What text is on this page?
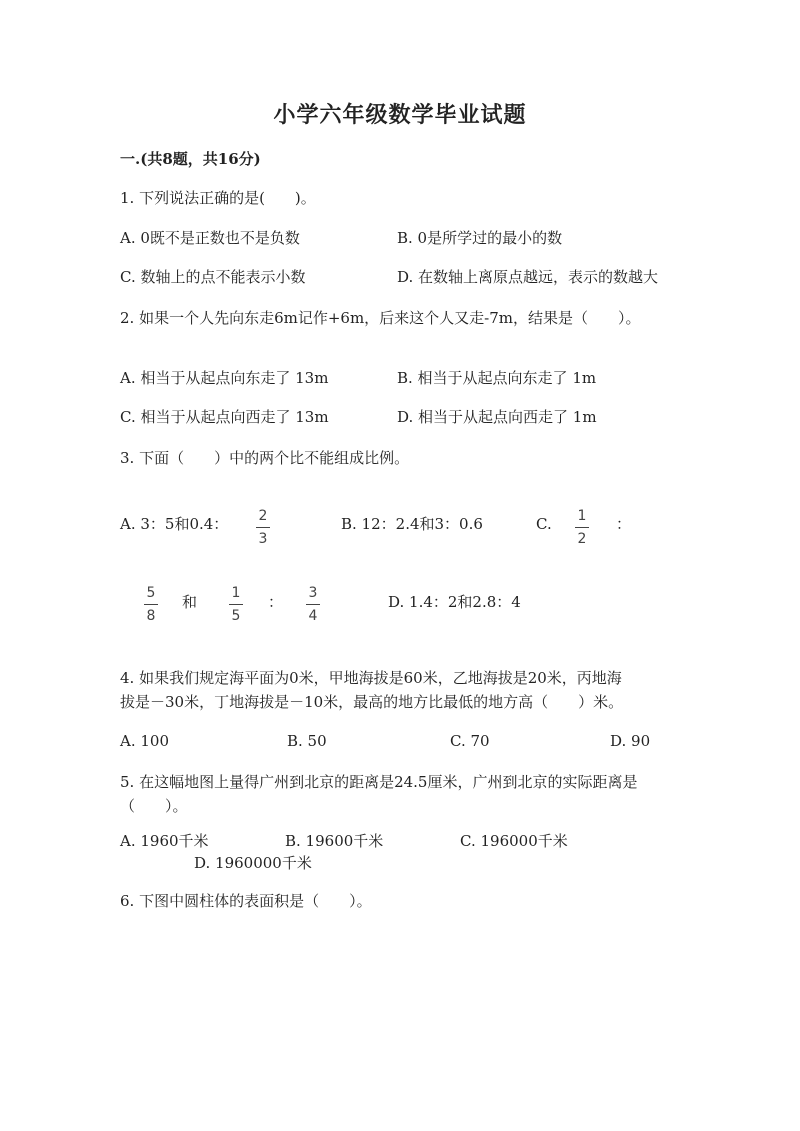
小学六年级数学毕业试题
一.(共8题，共16分)
1. 下列说法正确的是(　　)。
A. 0既不是正数也不是负数	B. 0是所学过的最小的数
C. 数轴上的点不能表示小数	D. 在数轴上离原点越远，表示的数越大
2. 如果一个人先向东走6m记作+6m，后来这个人又走-7m，结果是（　　）。
A. 相当于从起点向东走了 13m	B. 相当于从起点向东走了 1m
C. 相当于从起点向西走了 13m	D. 相当于从起点向西走了 1m
3. 下面（　　）中的两个比不能组成比例。
A. 3：5和0.4： 2
3
B. 12：2.4和3：0.6	C. 1
2
：
5
8
和 1
5
： 3
4
D. 1.4：2和2.8：4
4. 如果我们规定海平面为0米，甲地海拔是60米，乙地海拔是20米，丙地海
拔是－30米，丁地海拔是－10米，最高的地方比最低的地方高（　　）米。
A. 100	B. 50	C. 70	D. 90
5. 在这幅地图上量得广州到北京的距离是24.5厘米，广州到北京的实际距离是
（　　）。
A. 1960千米	B. 19600千米	C. 196000千米
D. 1960000千米
6. 下图中圆柱体的表面积是（　　）。
